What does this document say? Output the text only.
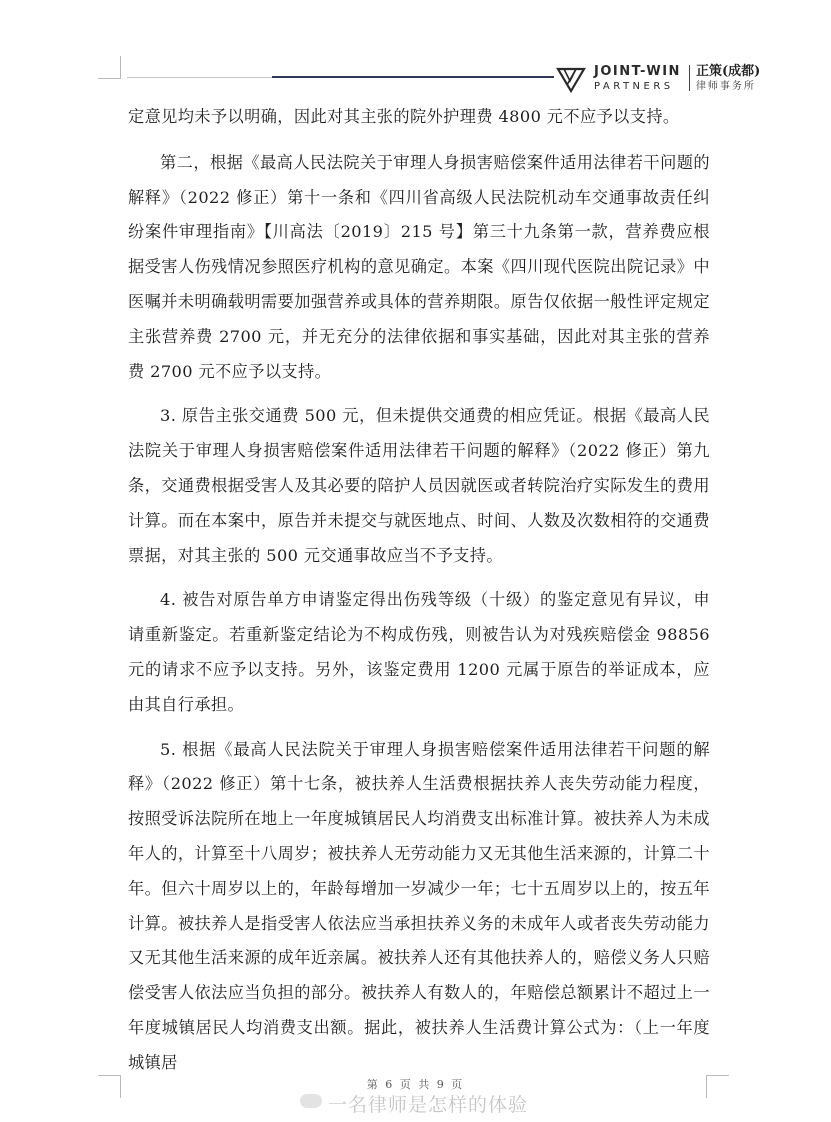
JOINT-WIN
PARTNERS
正策(成都)
律师事务所

定意见均未予以明确，因此对其主张的院外护理费 4800 元不应予以支持。

第二，根据《最高人民法院关于审理人身损害赔偿案件适用法律若干问题的解释》（2022 修正）第十一条和《四川省高级人民法院机动车交通事故责任纠纷案件审理指南》【川高法〔2019〕215 号】第三十九条第一款，营养费应根据受害人伤残情况参照医疗机构的意见确定。本案《四川现代医院出院记录》中医嘱并未明确载明需要加强营养或具体的营养期限。原告仅依据一般性评定规定主张营养费 2700 元，并无充分的法律依据和事实基础，因此对其主张的营养费 2700 元不应予以支持。

3. 原告主张交通费 500 元，但未提供交通费的相应凭证。根据《最高人民法院关于审理人身损害赔偿案件适用法律若干问题的解释》（2022 修正）第九条，交通费根据受害人及其必要的陪护人员因就医或者转院治疗实际发生的费用计算。而在本案中，原告并未提交与就医地点、时间、人数及次数相符的交通费票据，对其主张的 500 元交通事故应当不予支持。

4. 被告对原告单方申请鉴定得出伤残等级（十级）的鉴定意见有异议，申请重新鉴定。若重新鉴定结论为不构成伤残，则被告认为对残疾赔偿金 98856 元的请求不应予以支持。另外，该鉴定费用 1200 元属于原告的举证成本，应由其自行承担。

5. 根据《最高人民法院关于审理人身损害赔偿案件适用法律若干问题的解释》（2022 修正）第十七条，被扶养人生活费根据扶养人丧失劳动能力程度，按照受诉法院所在地上一年度城镇居民人均消费支出标准计算。被扶养人为未成年人的，计算至十八周岁；被扶养人无劳动能力又无其他生活来源的，计算二十年。但六十周岁以上的，年龄每增加一岁减少一年；七十五周岁以上的，按五年计算。被扶养人是指受害人依法应当承担扶养义务的未成年人或者丧失劳动能力又无其他生活来源的成年近亲属。被扶养人还有其他扶养人的，赔偿义务人只赔偿受害人依法应当负担的部分。被扶养人有数人的，年赔偿总额累计不超过上一年度城镇居民人均消费支出额。据此，被扶养人生活费计算公式为：（上一年度城镇居

第 6 页 共 9 页
一名律师是怎样的体验
